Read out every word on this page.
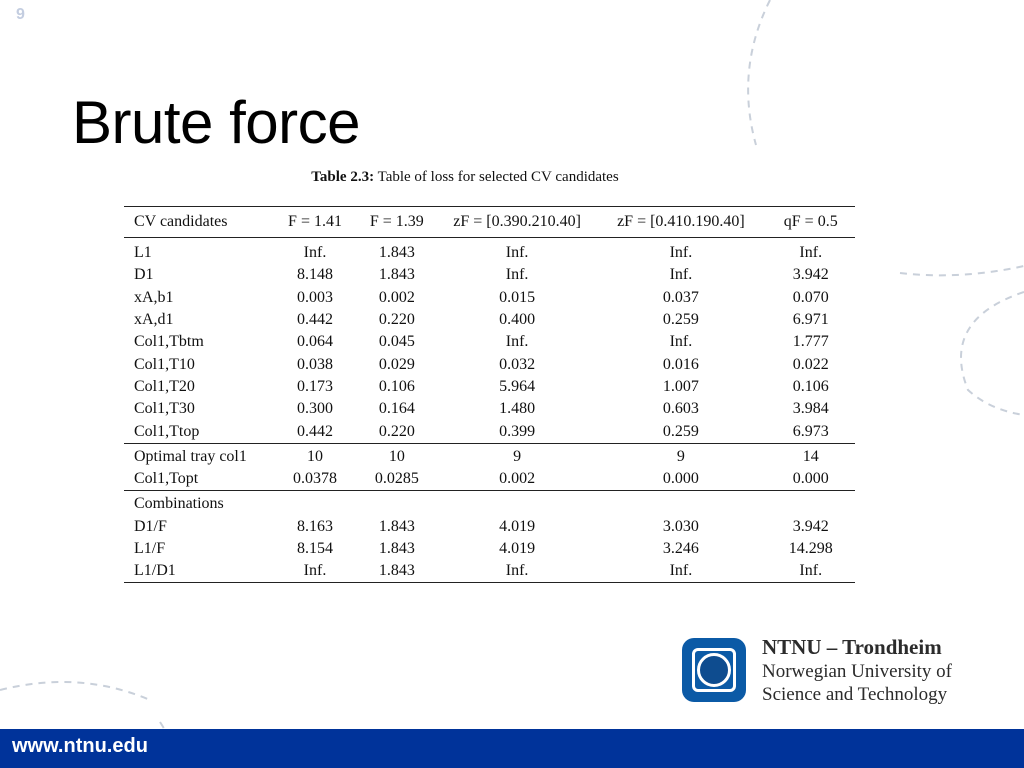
9
Brute force
Table 2.3: Table of loss for selected CV candidates
CV candidates	F = 1.41	F = 1.39	zF = [0.390.210.40]	zF = [0.410.190.40]	qF = 0.5
L1	Inf.	1.843	Inf.	Inf.	Inf.
D1	8.148	1.843	Inf.	Inf.	3.942
xA,b1	0.003	0.002	0.015	0.037	0.070
xA,d1	0.442	0.220	0.400	0.259	6.971
Col1,Tbtm	0.064	0.045	Inf.	Inf.	1.777
Col1,T10	0.038	0.029	0.032	0.016	0.022
Col1,T20	0.173	0.106	5.964	1.007	0.106
Col1,T30	0.300	0.164	1.480	0.603	3.984
Col1,Ttop	0.442	0.220	0.399	0.259	6.973
Optimal tray col1	10	10	9	9	14
Col1,Topt	0.0378	0.0285	0.002	0.000	0.000
Combinations					
D1/F	8.163	1.843	4.019	3.030	3.942
L1/F	8.154	1.843	4.019	3.246	14.298
L1/D1	Inf.	1.843	Inf.	Inf.	Inf.
NTNU – Trondheim
Norwegian University of
Science and Technology
www.ntnu.edu
